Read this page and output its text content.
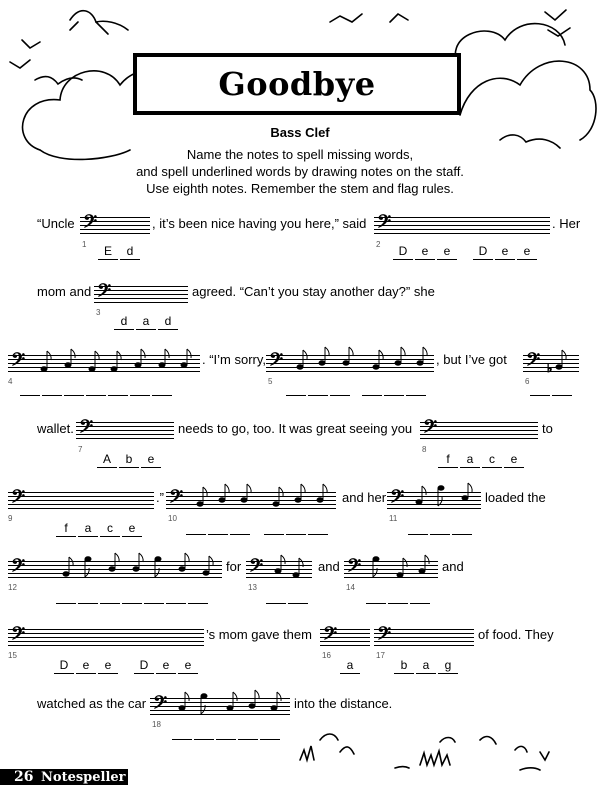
Goodbye
Bass Clef
Name the notes to spell missing words,
and spell underlined words by drawing notes on the staff.
Use eighth notes. Remember the stem and flag rules.
“Uncle 𝄢
1	E d
, it’s been nice having you here,” said 𝄢
2	D e e D e e
. Her
mom and 𝄢
3
d a d
agreed. “Can’t you stay another day?” she
𝄢
4
. “I’m sorry, 𝄢
5
, but I’ve got 𝄢 ♭
6
wallet. 𝄢
7
A b e
needs to go, too. It was great seeing you 𝄢
8
f a c e
to
𝄢
9
f a c e
.” 𝄢
10
and her 𝄢
11
loaded the
𝄢
12
for 𝄢
13
and 𝄢
14
and
𝄢
15
D e e D e e
’s mom gave them 𝄢
16
a
𝄢
17
b a g
of food. They
watched as the car 𝄢
18
into the distance.
26 Notespeller
